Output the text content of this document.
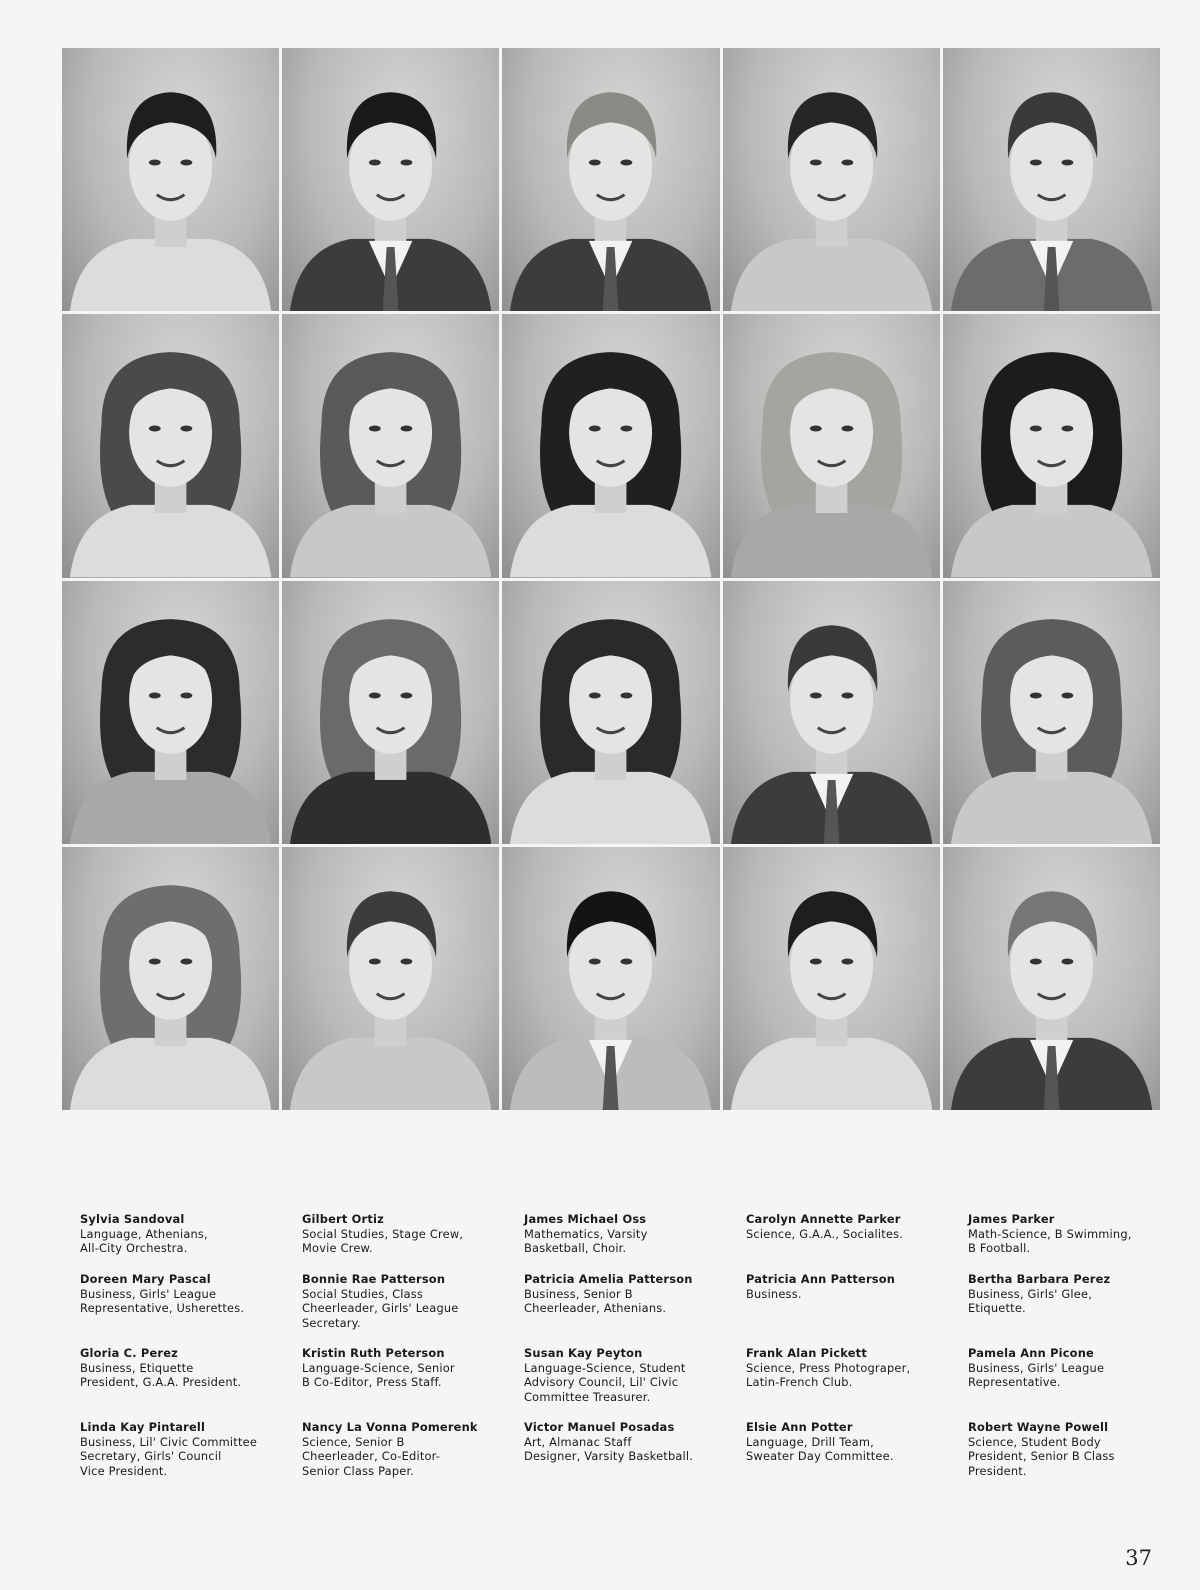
Sylvia Sandoval
Language, Athenians,
All-City Orchestra.
Gilbert Ortiz
Social Studies, Stage Crew,
Movie Crew.
James Michael Oss
Mathematics, Varsity
Basketball, Choir.
Carolyn Annette Parker
Science, G.A.A., Socialites.
James Parker
Math-Science, B Swimming,
B Football.
Doreen Mary Pascal
Business, Girls' League
Representative, Usherettes.
Bonnie Rae Patterson
Social Studies, Class
Cheerleader, Girls' League
Secretary.
Patricia Amelia Patterson
Business, Senior B
Cheerleader, Athenians.
Patricia Ann Patterson
Business.
Bertha Barbara Perez
Business, Girls' Glee,
Etiquette.
Gloria C. Perez
Business, Etiquette
President, G.A.A. President.
Kristin Ruth Peterson
Language-Science, Senior
B Co-Editor, Press Staff.
Susan Kay Peyton
Language-Science, Student
Advisory Council, Lil' Civic
Committee Treasurer.
Frank Alan Pickett
Science, Press Photograper,
Latin-French Club.
Pamela Ann Picone
Business, Girls' League
Representative.
Linda Kay Pintarell
Business, Lil' Civic Committee
Secretary, Girls' Council
Vice President.
Nancy La Vonna Pomerenk
Science, Senior B
Cheerleader, Co-Editor-
Senior Class Paper.
Victor Manuel Posadas
Art, Almanac Staff
Designer, Varsity Basketball.
Elsie Ann Potter
Language, Drill Team,
Sweater Day Committee.
Robert Wayne Powell
Science, Student Body
President, Senior B Class
President.
37
